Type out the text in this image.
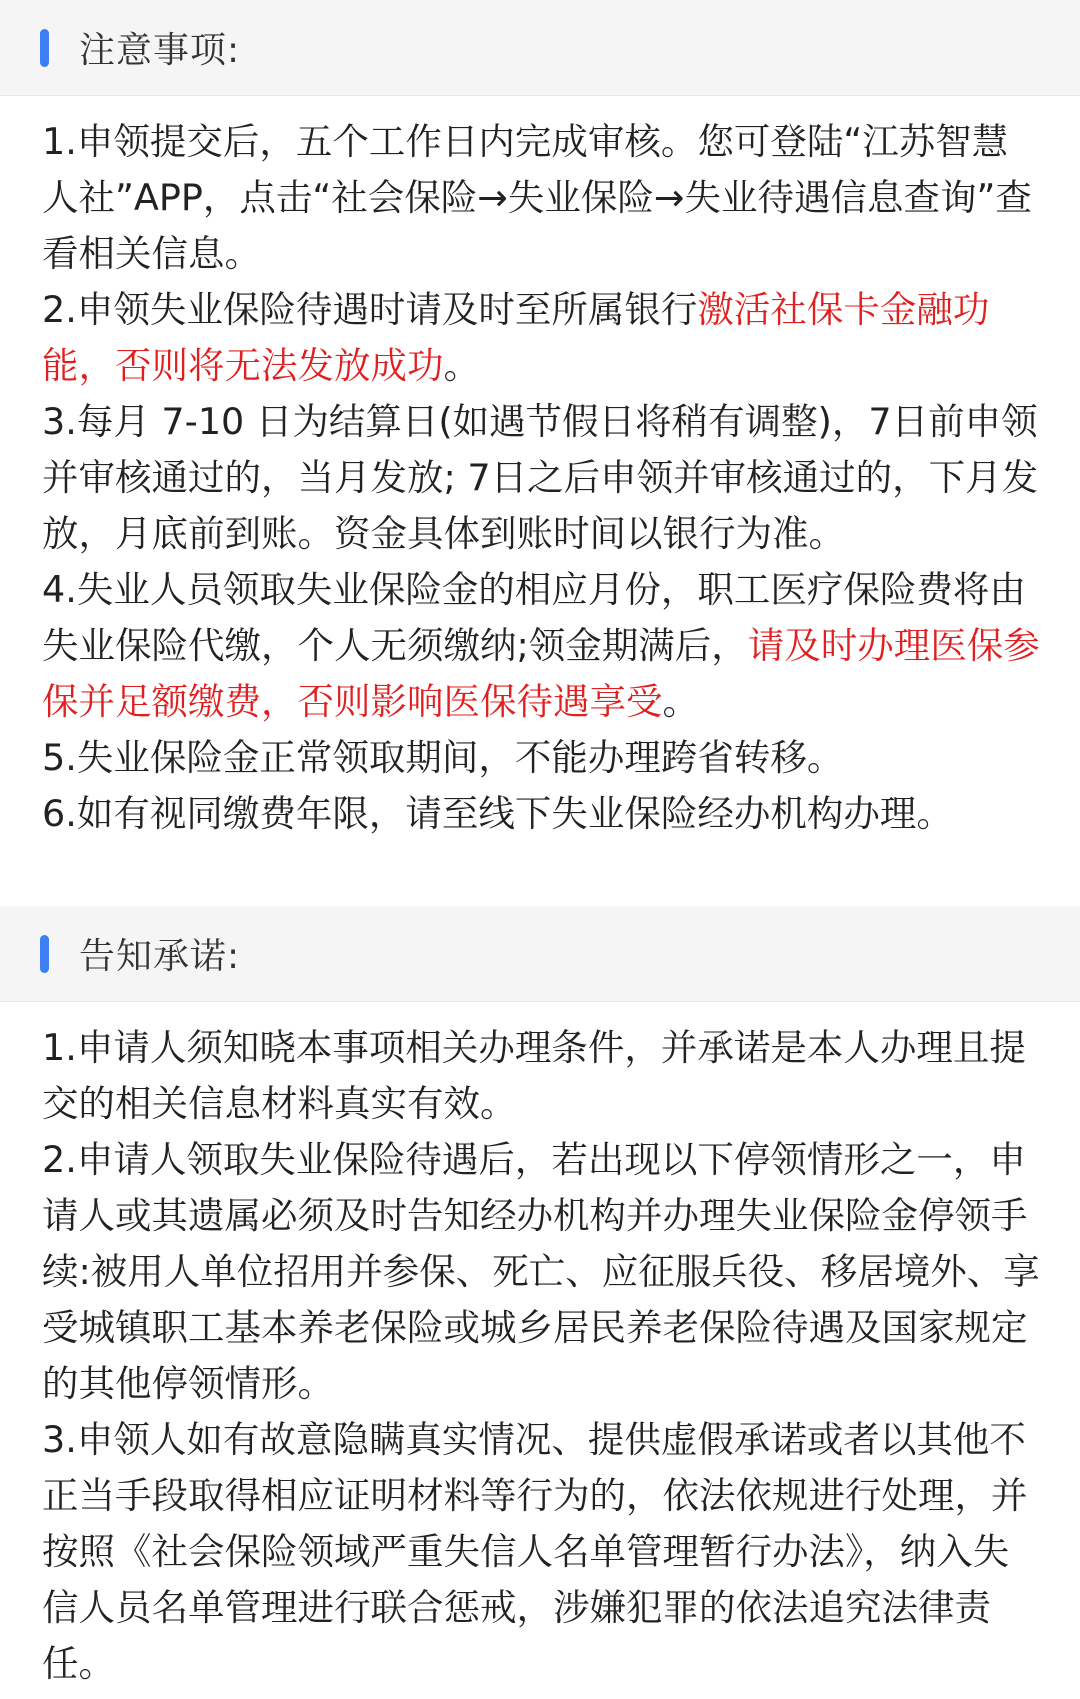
注意事项:

1.申领提交后，五个工作日内完成审核。您可登陆“江苏智慧人社”APP，点击“社会保险→失业保险→失业待遇信息查询”查看相关信息。

2.申领失业保险待遇时请及时至所属银行激活社保卡金融功能，否则将无法发放成功。

3.每月 7-10 日为结算日(如遇节假日将稍有调整)，7日前申领并审核通过的，当月发放; 7日之后申领并审核通过的，下月发放，月底前到账。资金具体到账时间以银行为准。

4.失业人员领取失业保险金的相应月份，职工医疗保险费将由失业保险代缴，个人无须缴纳;领金期满后，请及时办理医保参保并足额缴费，否则影响医保待遇享受。

5.失业保险金正常领取期间，不能办理跨省转移。

6.如有视同缴费年限，请至线下失业保险经办机构办理。

告知承诺:

1.申请人须知晓本事项相关办理条件，并承诺是本人办理且提交的相关信息材料真实有效。

2.申请人领取失业保险待遇后，若出现以下停领情形之一，申请人或其遗属必须及时告知经办机构并办理失业保险金停领手续:被用人单位招用并参保、死亡、应征服兵役、移居境外、享受城镇职工基本养老保险或城乡居民养老保险待遇及国家规定的其他停领情形。

3.申领人如有故意隐瞒真实情况、提供虚假承诺或者以其他不正当手段取得相应证明材料等行为的，依法依规进行处理，并按照《社会保险领域严重失信人名单管理暂行办法》，纳入失信人员名单管理进行联合惩戒，涉嫌犯罪的依法追究法律责任。
